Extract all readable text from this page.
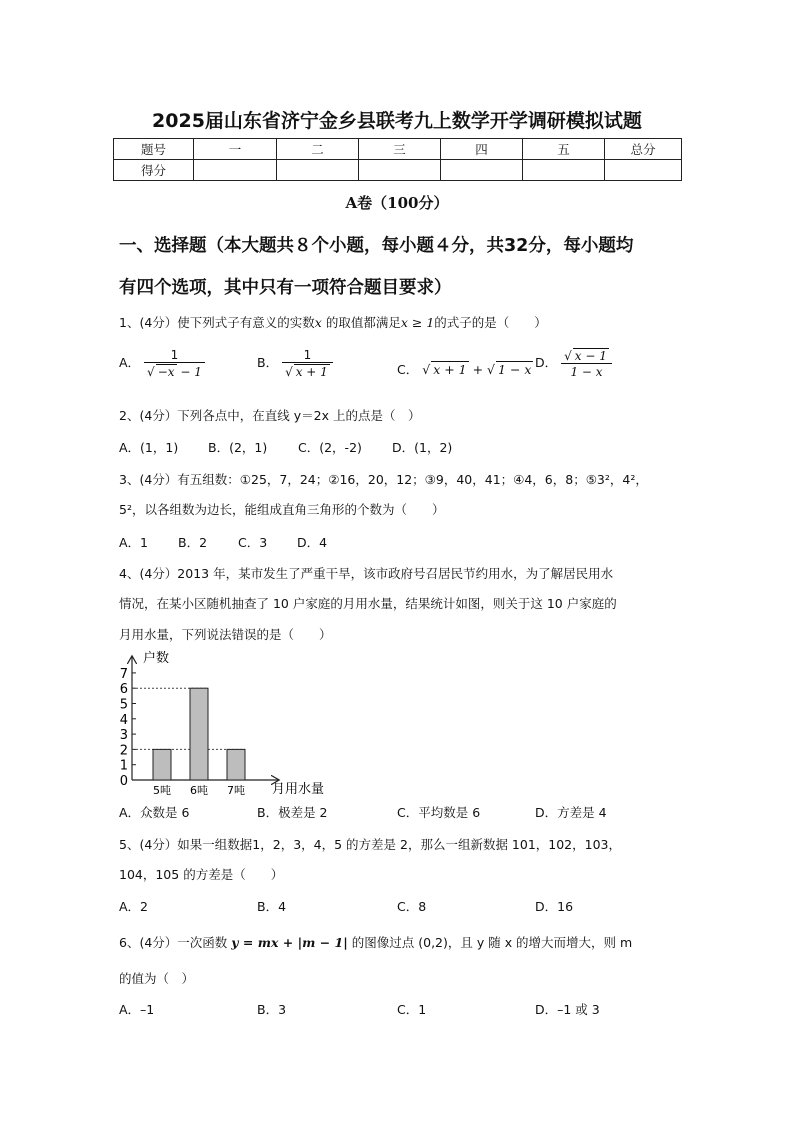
2025届山东省济宁金乡县联考九上数学开学调研模拟试题
题号	一	二	三	四	五	总分
得分						
A卷（100分）
一、选择题（本大题共８个小题，每小题４分，共32分，每小题均
有四个选项，其中只有一项符合题目要求）
1、(4分）使下列式子有意义的实数x 的取值都满足x ≥ 1的式子的是（　　）
A． $\frac{1}{√ -x - 1}$	B． $\frac{1}{√ x + 1}$	C． √ x + 1 + √ 1 − x D． $\frac{√ x - 1}{1 - x}$
2、(4分）下列各点中，在直线 y＝2x 上的点是（　）
A．(1，1) B．(2，1) C．(2，-2) D．(1，2)
3、(4分）有五组数：①25，7，24；②16，20，12；③9，40，41；④4，6，8；⑤3²，4²，
5²，以各组数为边长，能组成直角三角形的个数为（　　）
A．1 B．2 C．3 D．4
4、(4分）2013 年，某市发生了严重干旱，该市政府号召居民节约用水，为了解居民用水
情况，在某小区随机抽查了 10 户家庭的月用水量，结果统计如图，则关于这 10 户家庭的
月用水量，下列说法错误的是（　　）
户数
月用水量
0
1
2
3
4
5
6
7
5吨 6吨 7吨
A．众数是 6	B．极差是 2	C．平均数是 6	D．方差是 4
5、(4分）如果一组数据1，2，3，4，5 的方差是 2，那么一组新数据 101，102，103，
104，105 的方差是（　　）
A．2	B．4	C．8	D．16
6、(4分）一次函数 y = mx + |m − 1| 的图像过点 (0,2)，且 y 随 x 的增大而增大，则 m
的值为（　）
A．–1	B．3	C．1	D．–1 或 3
